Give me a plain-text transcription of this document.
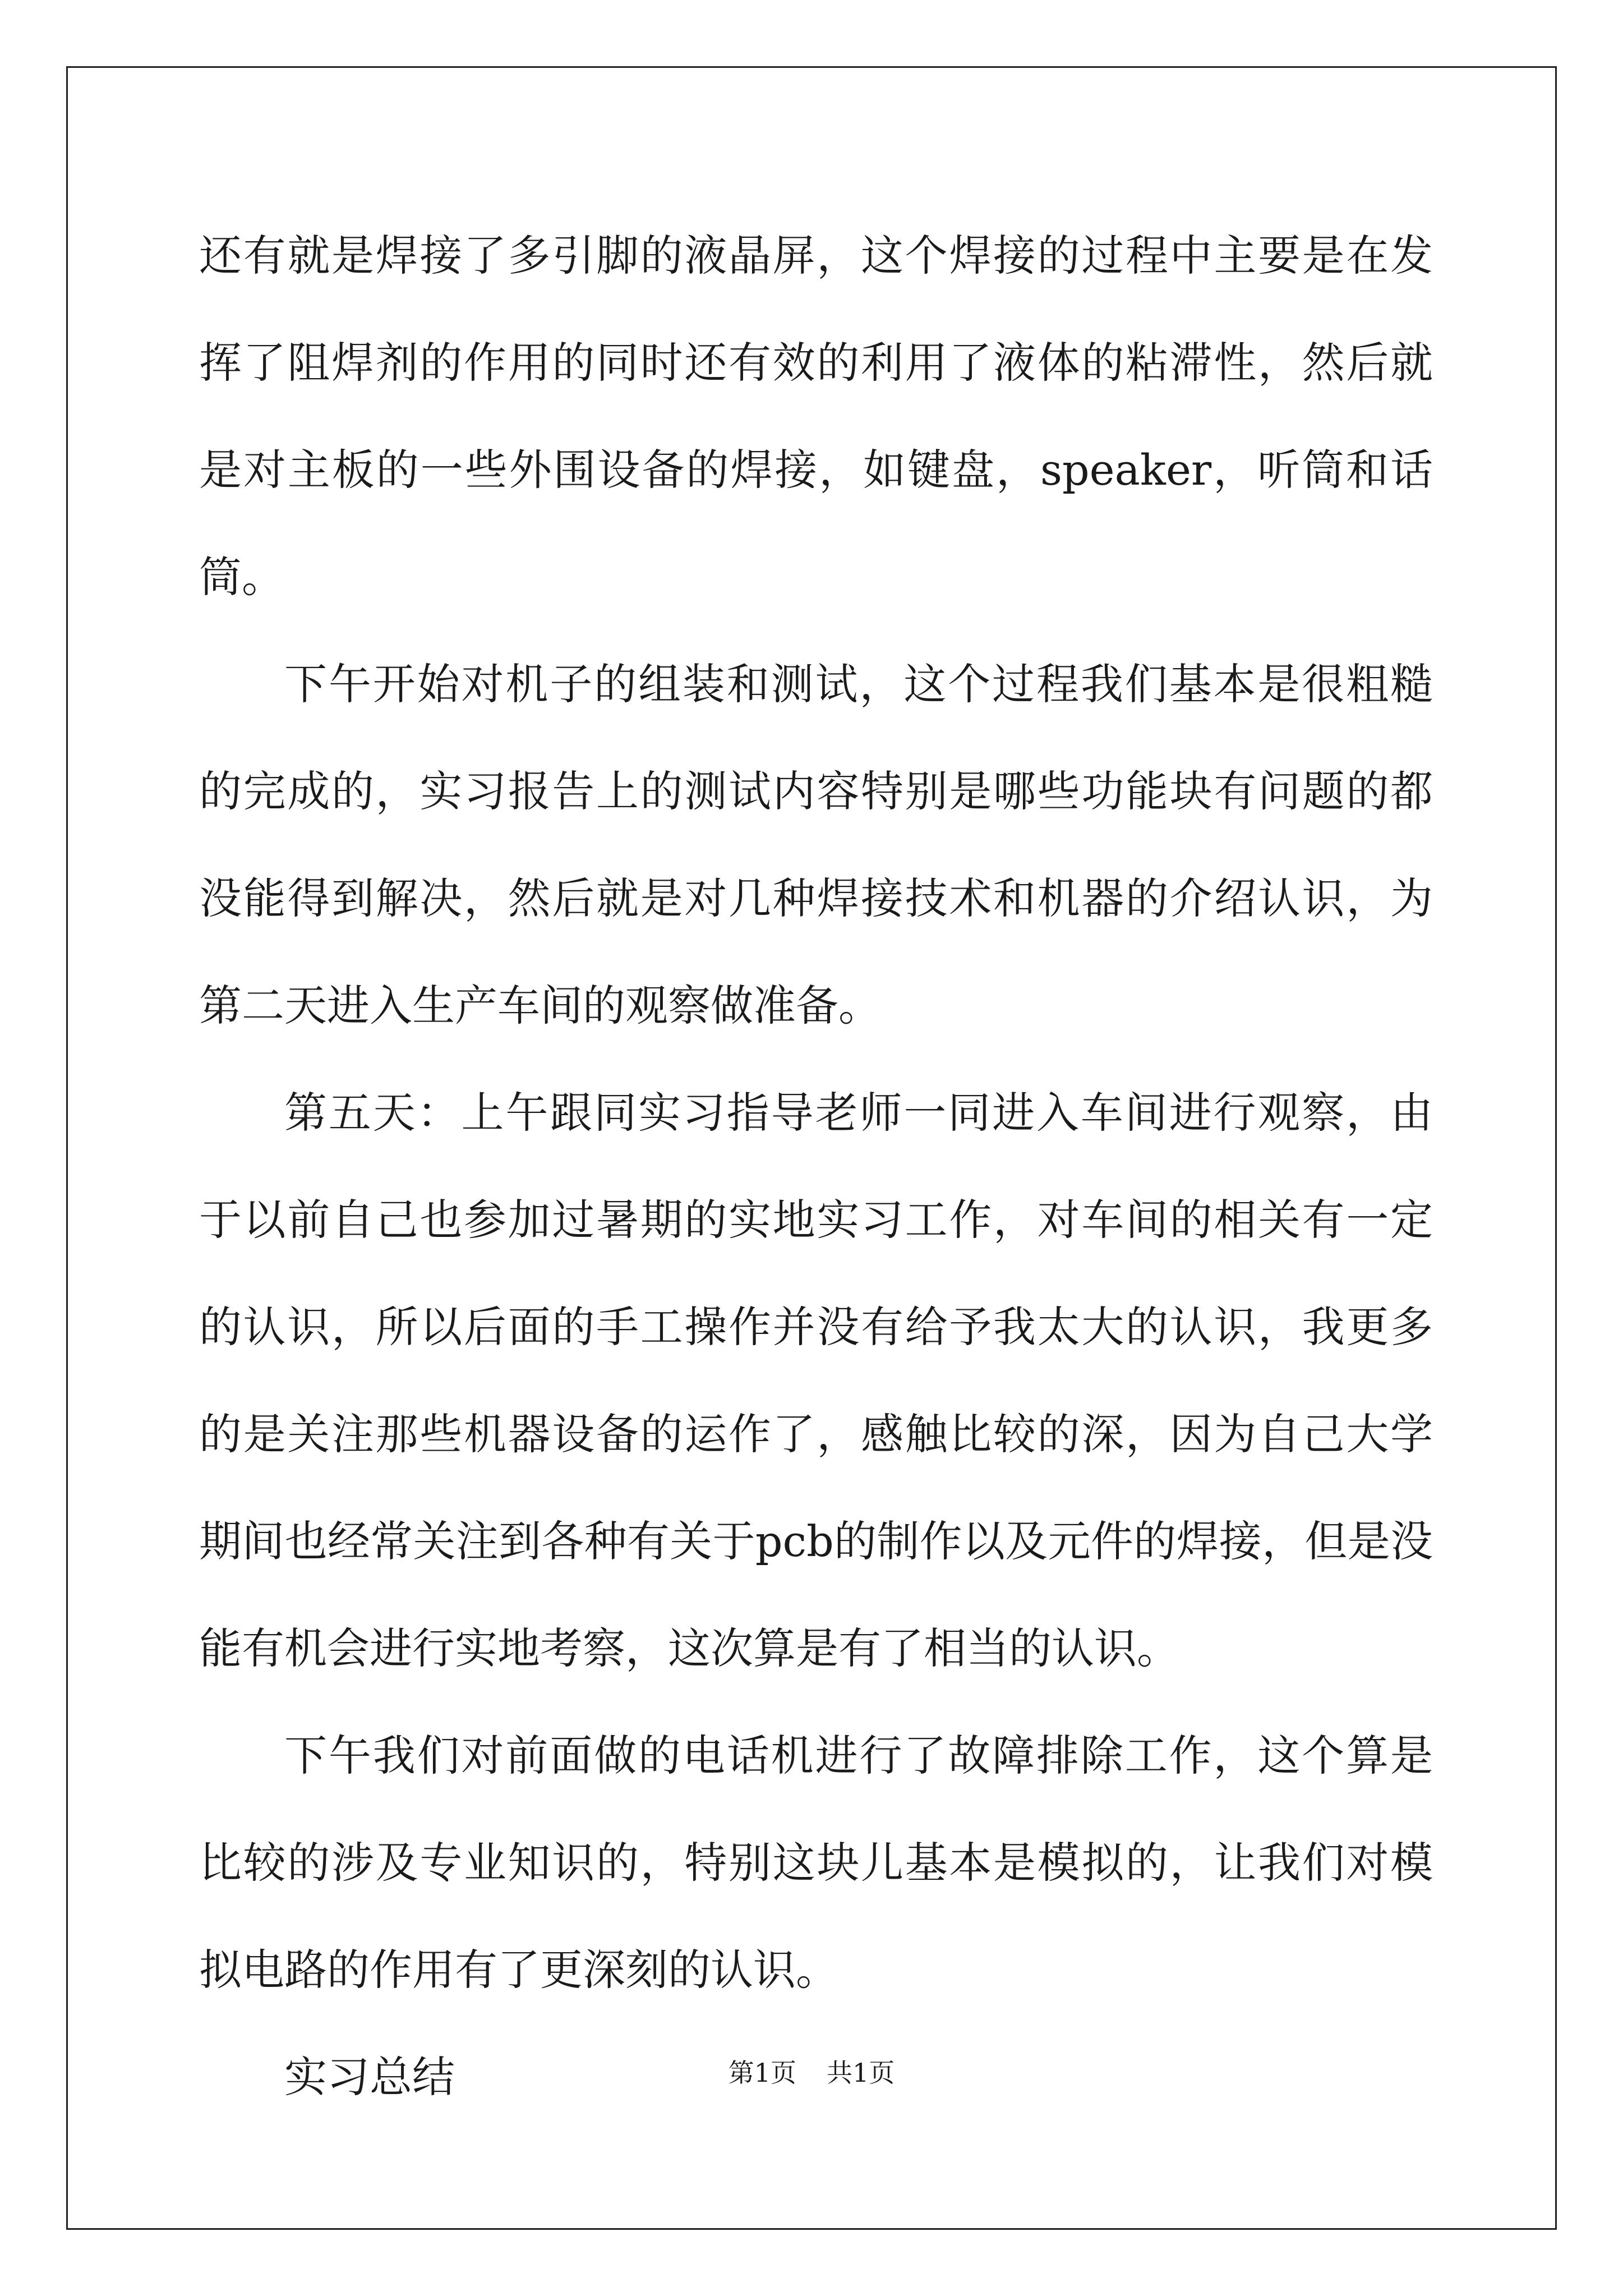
还有就是焊接了多引脚的液晶屏，这个焊接的过程中主要是在发挥了阻焊剂的作用的同时还有效的利用了液体的粘滞性，然后就是对主板的一些外围设备的焊接，如键盘，speaker，听筒和话筒。

下午开始对机子的组装和测试，这个过程我们基本是很粗糙的完成的，实习报告上的测试内容特别是哪些功能块有问题的都没能得到解决，然后就是对几种焊接技术和机器的介绍认识，为第二天进入生产车间的观察做准备。

第五天：上午跟同实习指导老师一同进入车间进行观察，由于以前自己也参加过暑期的实地实习工作，对车间的相关有一定的认识，所以后面的手工操作并没有给予我太大的认识，我更多的是关注那些机器设备的运作了，感触比较的深，因为自己大学期间也经常关注到各种有关于pcb的制作以及元件的焊接，但是没能有机会进行实地考察，这次算是有了相当的认识。

下午我们对前面做的电话机进行了故障排除工作，这个算是比较的涉及专业知识的，特别这块儿基本是模拟的，让我们对模拟电路的作用有了更深刻的认识。

实习总结	第1页 共1页
